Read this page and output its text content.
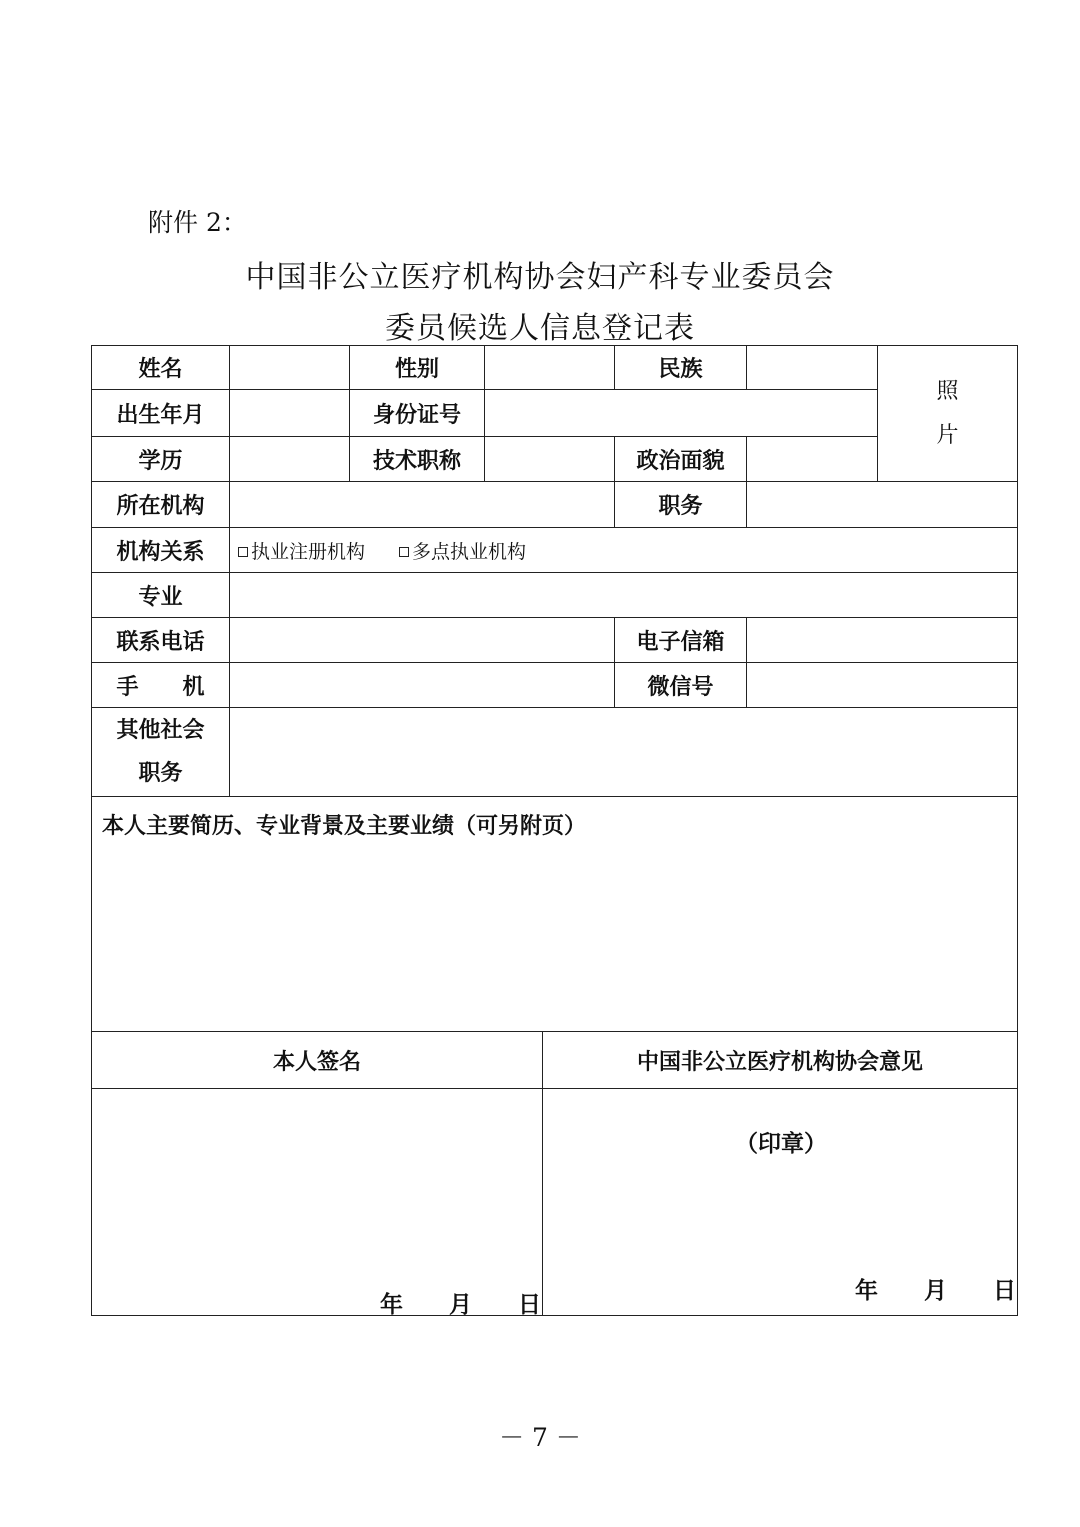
附件 2：
中国非公立医疗机构协会妇产科专业委员会
委员候选人信息登记表
姓名	性别	民族
照
片
出生年月	身份证号
学历	技术职称	政治面貌
所在机构	职务
机构关系	执业注册机构	多点执业机构
专业
联系电话	电子信箱
手　　机	微信号
其他社会
职务
本人主要简历、专业背景及主要业绩（可另附页）
本人签名	中国非公立医疗机构协会意见
年　　月　　日
（印章）
年　　月　　日
－ 7 －
